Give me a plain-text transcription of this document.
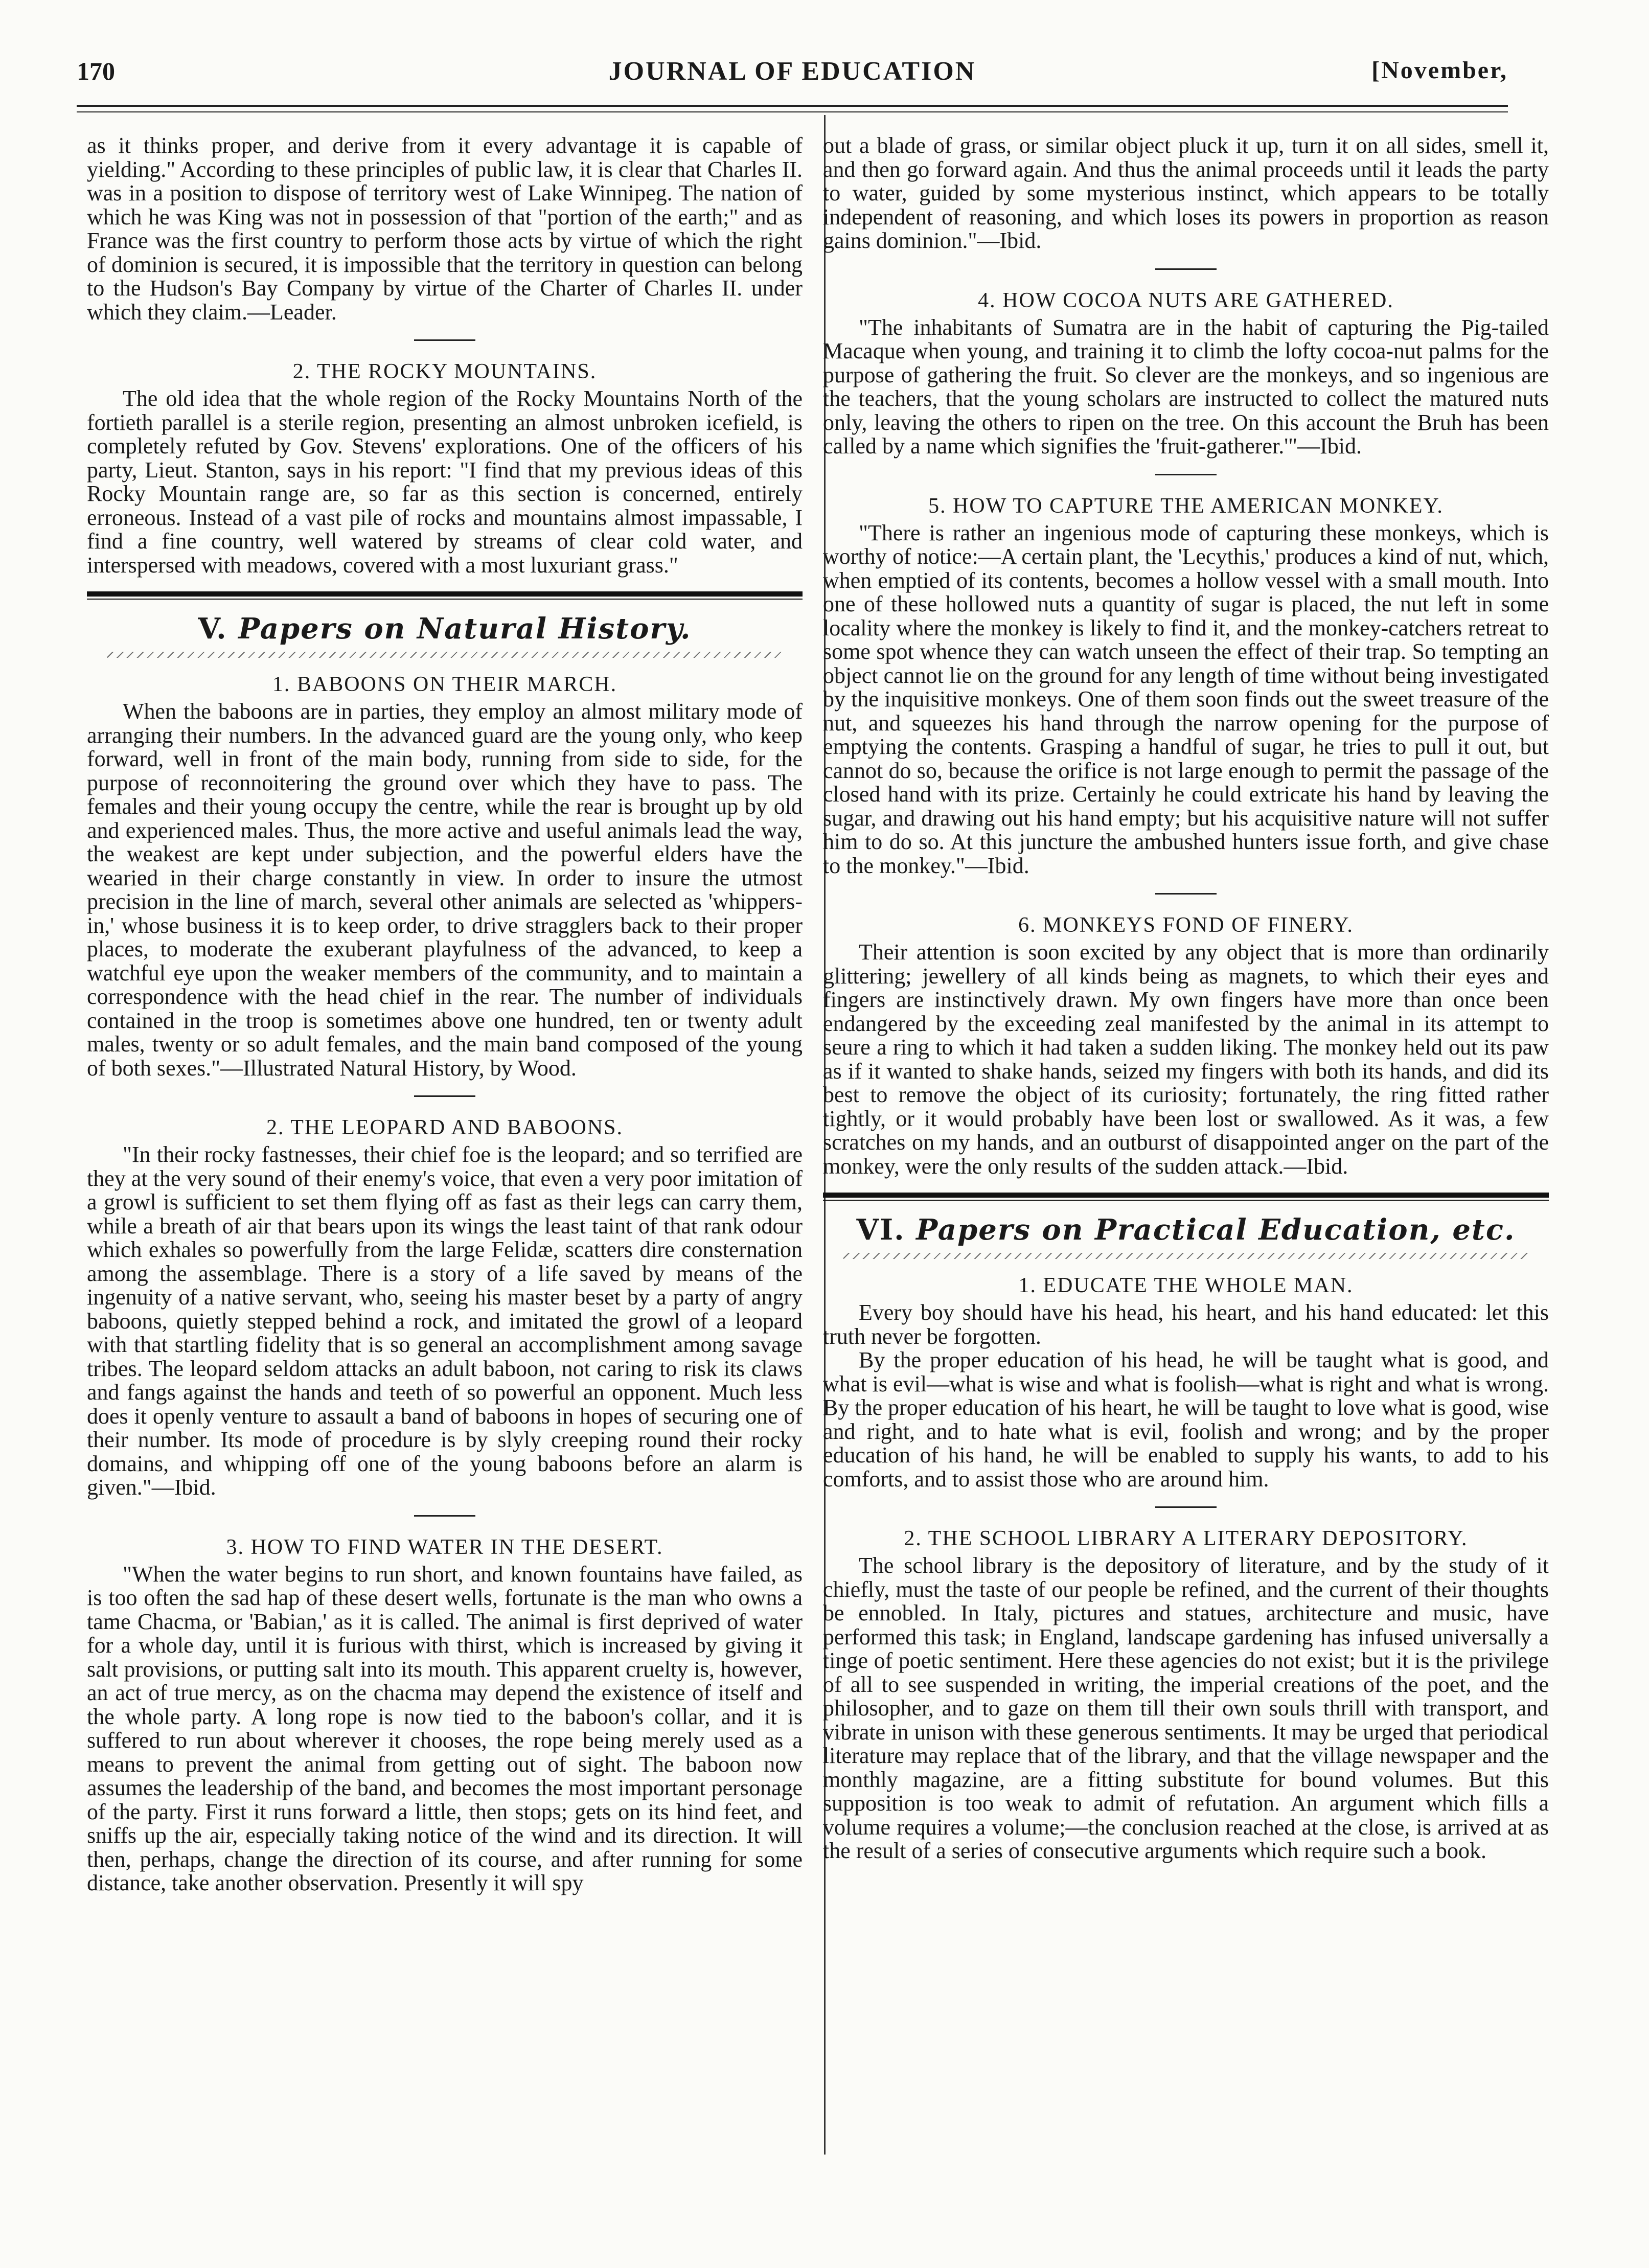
170	JOURNAL OF EDUCATION	[November,

as it thinks proper, and derive from it every advantage it is capable of yielding." According to these principles of public law, it is clear that Charles II. was in a position to dispose of territory west of Lake Winnipeg. The nation of which he was King was not in possession of that "portion of the earth;" and as France was the first country to perform those acts by virtue of which the right of dominion is secured, it is impossible that the territory in question can belong to the Hudson's Bay Company by virtue of the Charter of Charles II. under which they claim.—Leader.

2. THE ROCKY MOUNTAINS.

The old idea that the whole region of the Rocky Mountains North of the fortieth parallel is a sterile region, presenting an almost unbroken icefield, is completely refuted by Gov. Stevens' explorations. One of the officers of his party, Lieut. Stanton, says in his report: "I find that my previous ideas of this Rocky Mountain range are, so far as this section is concerned, entirely erroneous. Instead of a vast pile of rocks and mountains almost impassable, I find a fine country, well watered by streams of clear cold water, and interspersed with meadows, covered with a most luxuriant grass."

V. Papers on Natural History.
1. BABOONS ON THEIR MARCH.

When the baboons are in parties, they employ an almost military mode of arranging their numbers. In the advanced guard are the young only, who keep forward, well in front of the main body, running from side to side, for the purpose of reconnoitering the ground over which they have to pass. The females and their young occupy the centre, while the rear is brought up by old and experienced males. Thus, the more active and useful animals lead the way, the weakest are kept under subjection, and the powerful elders have the wearied in their charge constantly in view. In order to insure the utmost precision in the line of march, several other animals are selected as 'whippers-in,' whose business it is to keep order, to drive stragglers back to their proper places, to moderate the exuberant playfulness of the advanced, to keep a watchful eye upon the weaker members of the community, and to maintain a correspondence with the head chief in the rear. The number of individuals contained in the troop is sometimes above one hundred, ten or twenty adult males, twenty or so adult females, and the main band composed of the young of both sexes."—Illustrated Natural History, by Wood.

2. THE LEOPARD AND BABOONS.

"In their rocky fastnesses, their chief foe is the leopard; and so terrified are they at the very sound of their enemy's voice, that even a very poor imitation of a growl is sufficient to set them flying off as fast as their legs can carry them, while a breath of air that bears upon its wings the least taint of that rank odour which exhales so powerfully from the large Felidæ, scatters dire consternation among the assemblage. There is a story of a life saved by means of the ingenuity of a native servant, who, seeing his master beset by a party of angry baboons, quietly stepped behind a rock, and imitated the growl of a leopard with that startling fidelity that is so general an accomplishment among savage tribes. The leopard seldom attacks an adult baboon, not caring to risk its claws and fangs against the hands and teeth of so powerful an opponent. Much less does it openly venture to assault a band of baboons in hopes of securing one of their number. Its mode of procedure is by slyly creeping round their rocky domains, and whipping off one of the young baboons before an alarm is given."—Ibid.

3. HOW TO FIND WATER IN THE DESERT.

"When the water begins to run short, and known fountains have failed, as is too often the sad hap of these desert wells, fortunate is the man who owns a tame Chacma, or 'Babian,' as it is called. The animal is first deprived of water for a whole day, until it is furious with thirst, which is increased by giving it salt provisions, or putting salt into its mouth. This apparent cruelty is, however, an act of true mercy, as on the chacma may depend the existence of itself and the whole party. A long rope is now tied to the baboon's collar, and it is suffered to run about wherever it chooses, the rope being merely used as a means to prevent the animal from getting out of sight. The baboon now assumes the leadership of the band, and becomes the most important personage of the party. First it runs forward a little, then stops; gets on its hind feet, and sniffs up the air, especially taking notice of the wind and its direction. It will then, perhaps, change the direction of its course, and after running for some distance, take another observation. Presently it will spy

out a blade of grass, or similar object pluck it up, turn it on all sides, smell it, and then go forward again. And thus the animal proceeds until it leads the party to water, guided by some mysterious instinct, which appears to be totally independent of reasoning, and which loses its powers in proportion as reason gains dominion."—Ibid.

4. HOW COCOA NUTS ARE GATHERED.

"The inhabitants of Sumatra are in the habit of capturing the Pig-tailed Macaque when young, and training it to climb the lofty cocoa-nut palms for the purpose of gathering the fruit. So clever are the monkeys, and so ingenious are the teachers, that the young scholars are instructed to collect the matured nuts only, leaving the others to ripen on the tree. On this account the Bruh has been called by a name which signifies the 'fruit-gatherer.'"—Ibid.

5. HOW TO CAPTURE THE AMERICAN MONKEY.

"There is rather an ingenious mode of capturing these monkeys, which is worthy of notice:—A certain plant, the 'Lecythis,' produces a kind of nut, which, when emptied of its contents, becomes a hollow vessel with a small mouth. Into one of these hollowed nuts a quantity of sugar is placed, the nut left in some locality where the monkey is likely to find it, and the monkey-catchers retreat to some spot whence they can watch unseen the effect of their trap. So tempting an object cannot lie on the ground for any length of time without being investigated by the inquisitive monkeys. One of them soon finds out the sweet treasure of the nut, and squeezes his hand through the narrow opening for the purpose of emptying the contents. Grasping a handful of sugar, he tries to pull it out, but cannot do so, because the orifice is not large enough to permit the passage of the closed hand with its prize. Certainly he could extricate his hand by leaving the sugar, and drawing out his hand empty; but his acquisitive nature will not suffer him to do so. At this juncture the ambushed hunters issue forth, and give chase to the monkey."—Ibid.

6. MONKEYS FOND OF FINERY.

Their attention is soon excited by any object that is more than ordinarily glittering; jewellery of all kinds being as magnets, to which their eyes and fingers are instinctively drawn. My own fingers have more than once been endangered by the exceeding zeal manifested by the animal in its attempt to seure a ring to which it had taken a sudden liking. The monkey held out its paw as if it wanted to shake hands, seized my fingers with both its hands, and did its best to remove the object of its curiosity; fortunately, the ring fitted rather tightly, or it would probably have been lost or swallowed. As it was, a few scratches on my hands, and an outburst of disappointed anger on the part of the monkey, were the only results of the sudden attack.—Ibid.

VI. Papers on Practical Education, etc.
1. EDUCATE THE WHOLE MAN.

Every boy should have his head, his heart, and his hand educated: let this truth never be forgotten.

By the proper education of his head, he will be taught what is good, and what is evil—what is wise and what is foolish—what is right and what is wrong. By the proper education of his heart, he will be taught to love what is good, wise and right, and to hate what is evil, foolish and wrong; and by the proper education of his hand, he will be enabled to supply his wants, to add to his comforts, and to assist those who are around him.

2. THE SCHOOL LIBRARY A LITERARY DEPOSITORY.

The school library is the depository of literature, and by the study of it chiefly, must the taste of our people be refined, and the current of their thoughts be ennobled. In Italy, pictures and statues, architecture and music, have performed this task; in England, landscape gardening has infused universally a tinge of poetic sentiment. Here these agencies do not exist; but it is the privilege of all to see suspended in writing, the imperial creations of the poet, and the philosopher, and to gaze on them till their own souls thrill with transport, and vibrate in unison with these generous sentiments. It may be urged that periodical literature may replace that of the library, and that the village newspaper and the monthly magazine, are a fitting substitute for bound volumes. But this supposition is too weak to admit of refutation. An argument which fills a volume requires a volume;—the conclusion reached at the close, is arrived at as the result of a series of consecutive arguments which require such a book.
